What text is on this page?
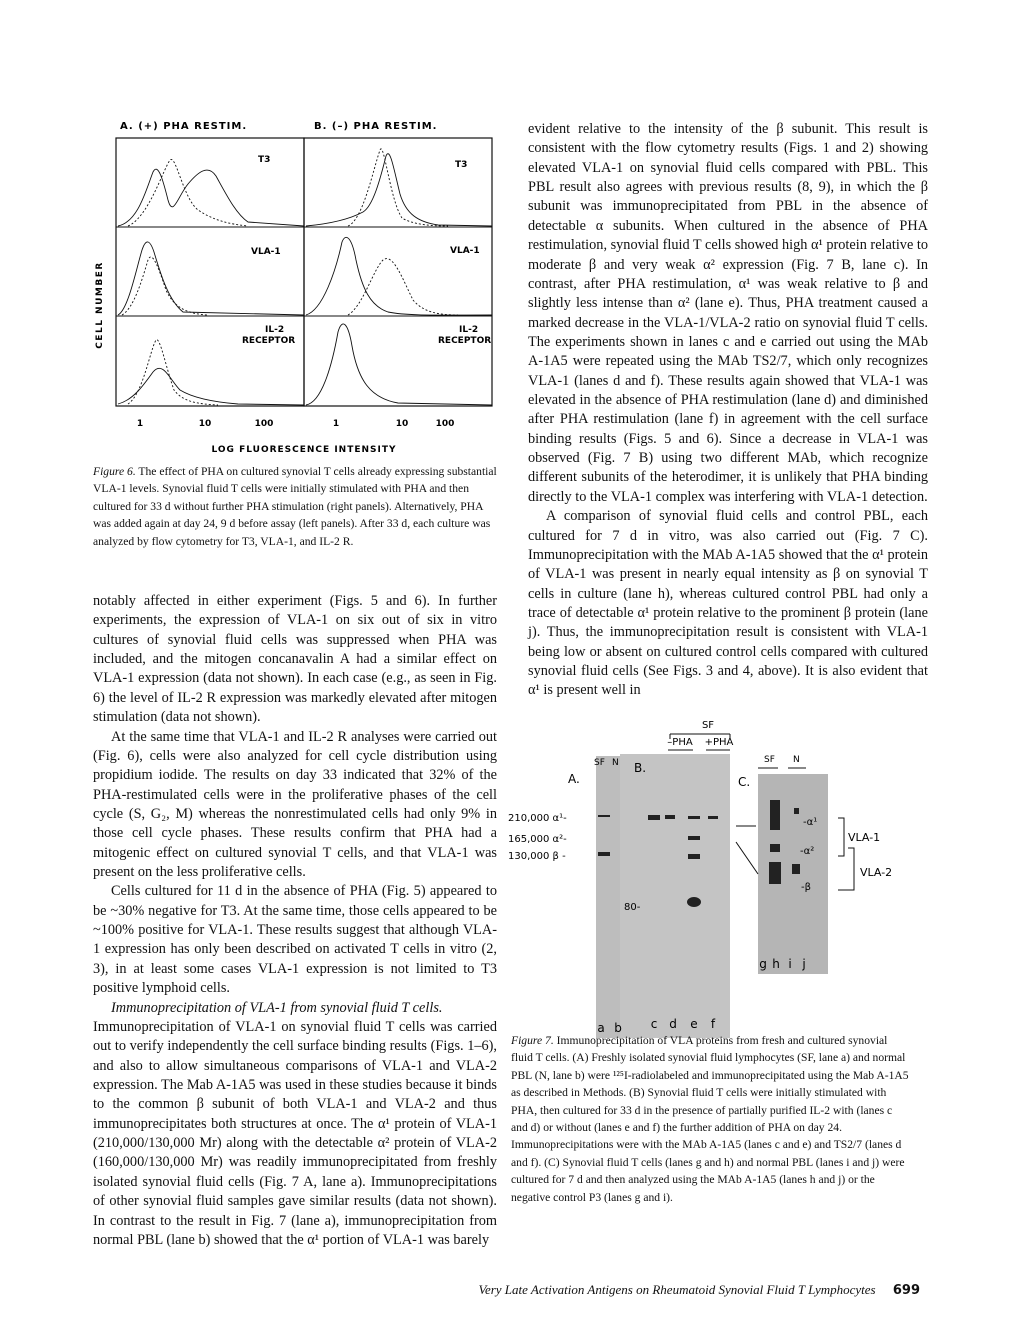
A. (+) PHA RESTIM.	B. (–) PHA RESTIM.
CELL NUMBER
T3	T3
VLA-1	VLA-1
IL-2
RECEPTOR
IL-2
RECEPTOR
1	10	100	1	10	100
LOG FLUORESCENCE INTENSITY
Figure 6. The effect of PHA on cultured synovial T cells already expressing substantial VLA-1 levels. Synovial fluid T cells were initially stimulated with PHA and then cultured for 33 d without further PHA stimulation (right panels). Alternatively, PHA was added again at day 24, 9 d before assay (left panels). After 33 d, each culture was analyzed by flow cytometry for T3, VLA-1, and IL-2 R.

notably affected in either experiment (Figs. 5 and 6). In further experiments, the expression of VLA-1 on six out of six in vitro cultures of synovial fluid cells was suppressed when PHA was included, and the mitogen concanavalin A had a similar effect on VLA-1 expression (data not shown). In each case (e.g., as seen in Fig. 6) the level of IL-2 R expression was markedly elevated after mitogen stimulation (data not shown).

At the same time that VLA-1 and IL-2 R analyses were carried out (Fig. 6), cells were also analyzed for cell cycle distribution using propidium iodide. The results on day 33 indicated that 32% of the PHA-restimulated cells were in the proliferative phases of the cell cycle (S, G₂, M) whereas the nonrestimulated cells had only 9% in those cell cycle phases. These results confirm that PHA had a mitogenic effect on cultured synovial T cells, and that VLA-1 was present on the less proliferative cells.

Cells cultured for 11 d in the absence of PHA (Fig. 5) appeared to be ~30% negative for T3. At the same time, those cells appeared to be ~100% positive for VLA-1. These results suggest that although VLA-1 expression has only been described on activated T cells in vitro (2, 3), in at least some cases VLA-1 expression is not limited to T3 positive lymphoid cells.

Immunoprecipitation of VLA-1 from synovial fluid T cells.

Immunoprecipitation of VLA-1 on synovial fluid T cells was carried out to verify independently the cell surface binding results (Figs. 1–6), and also to allow simultaneous comparisons of VLA-1 and VLA-2 expression. The Mab A-1A5 was used in these studies because it binds to the common β subunit of both VLA-1 and VLA-2 and thus immunoprecipitates both structures at once. The α¹ protein of VLA-1 (210,000/130,000 Mr) along with the detectable α² protein of VLA-2 (160,000/130,000 Mr) was readily immunoprecipitated from freshly isolated synovial fluid cells (Fig. 7 A, lane a). Immunoprecipitations of other synovial fluid samples gave similar results (data not shown). In contrast to the result in Fig. 7 (lane a), immunoprecipitation from normal PBL (lane b) showed that the α¹ portion of VLA-1 was barely

evident relative to the intensity of the β subunit. This result is consistent with the flow cytometry results (Figs. 1 and 2) showing elevated VLA-1 on synovial fluid cells compared with PBL. This PBL result also agrees with previous results (8, 9), in which the β subunit was immunoprecipitated from PBL in the absence of detectable α subunits. When cultured in the absence of PHA restimulation, synovial fluid T cells showed high α¹ protein relative to moderate β and very weak α² expression (Fig. 7 B, lane c). In contrast, after PHA restimulation, α¹ was weak relative to β and slightly less intense than α² (lane e). Thus, PHA treatment caused a marked decrease in the VLA-1/VLA-2 ratio on synovial fluid T cells. The experiments shown in lanes c and e carried out using the MAb A-1A5 were repeated using the MAb TS2/7, which only recognizes VLA-1 (lanes d and f). These results again showed that VLA-1 was elevated in the absence of PHA restimulation (lane d) and diminished after PHA restimulation (lane f) in agreement with the cell surface binding results (Figs. 5 and 6). Since a decrease in VLA-1 was observed (Fig. 7 B) using two different MAb, which recognize different subunits of the heterodimer, it is unlikely that PHA binding directly to the VLA-1 complex was interfering with VLA-1 detection.

A comparison of synovial fluid cells and control PBL, each cultured for 7 d in vitro, was also carried out (Fig. 7 C). Immunoprecipitation with the MAb A-1A5 showed that the α¹ protein of VLA-1 was present in nearly equal intensity as β on synovial T cells in culture (lane h), whereas cultured control PBL had only a trace of detectable α¹ protein relative to the prominent β protein (lane j). Thus, the immunoprecipitation result is consistent with VLA-1 being low or absent on cultured control cells compared with cultured synovial fluid cells (See Figs. 3 and 4, above). It is also evident that α¹ is present well in

SF
–PHA +PHA
A.
B.
C.
SF N	SF N
210,000 α¹-
165,000 α²-
130,000 β -
80-
-α¹
-α²
-β
VLA-1
VLA-2
a b c d e f
g h i j
Figure 7. Immunoprecipitation of VLA proteins from fresh and cultured synovial fluid T cells. (A) Freshly isolated synovial fluid lymphocytes (SF, lane a) and normal PBL (N, lane b) were ¹²⁵I-radiolabeled and immunoprecipitated using the Mab A-1A5 as described in Methods. (B) Synovial fluid T cells were initially stimulated with PHA, then cultured for 33 d in the presence of partially purified IL-2 with (lanes c and d) or without (lanes e and f) the further addition of PHA on day 24. Immunoprecipitations were with the MAb A-1A5 (lanes c and e) and TS2/7 (lanes d and f). (C) Synovial fluid T cells (lanes g and h) and normal PBL (lanes i and j) were cultured for 7 d and then analyzed using the MAb A-1A5 (lanes h and j) or the negative control P3 (lanes g and i).
Very Late Activation Antigens on Rheumatoid Synovial Fluid T Lymphocytes 699
